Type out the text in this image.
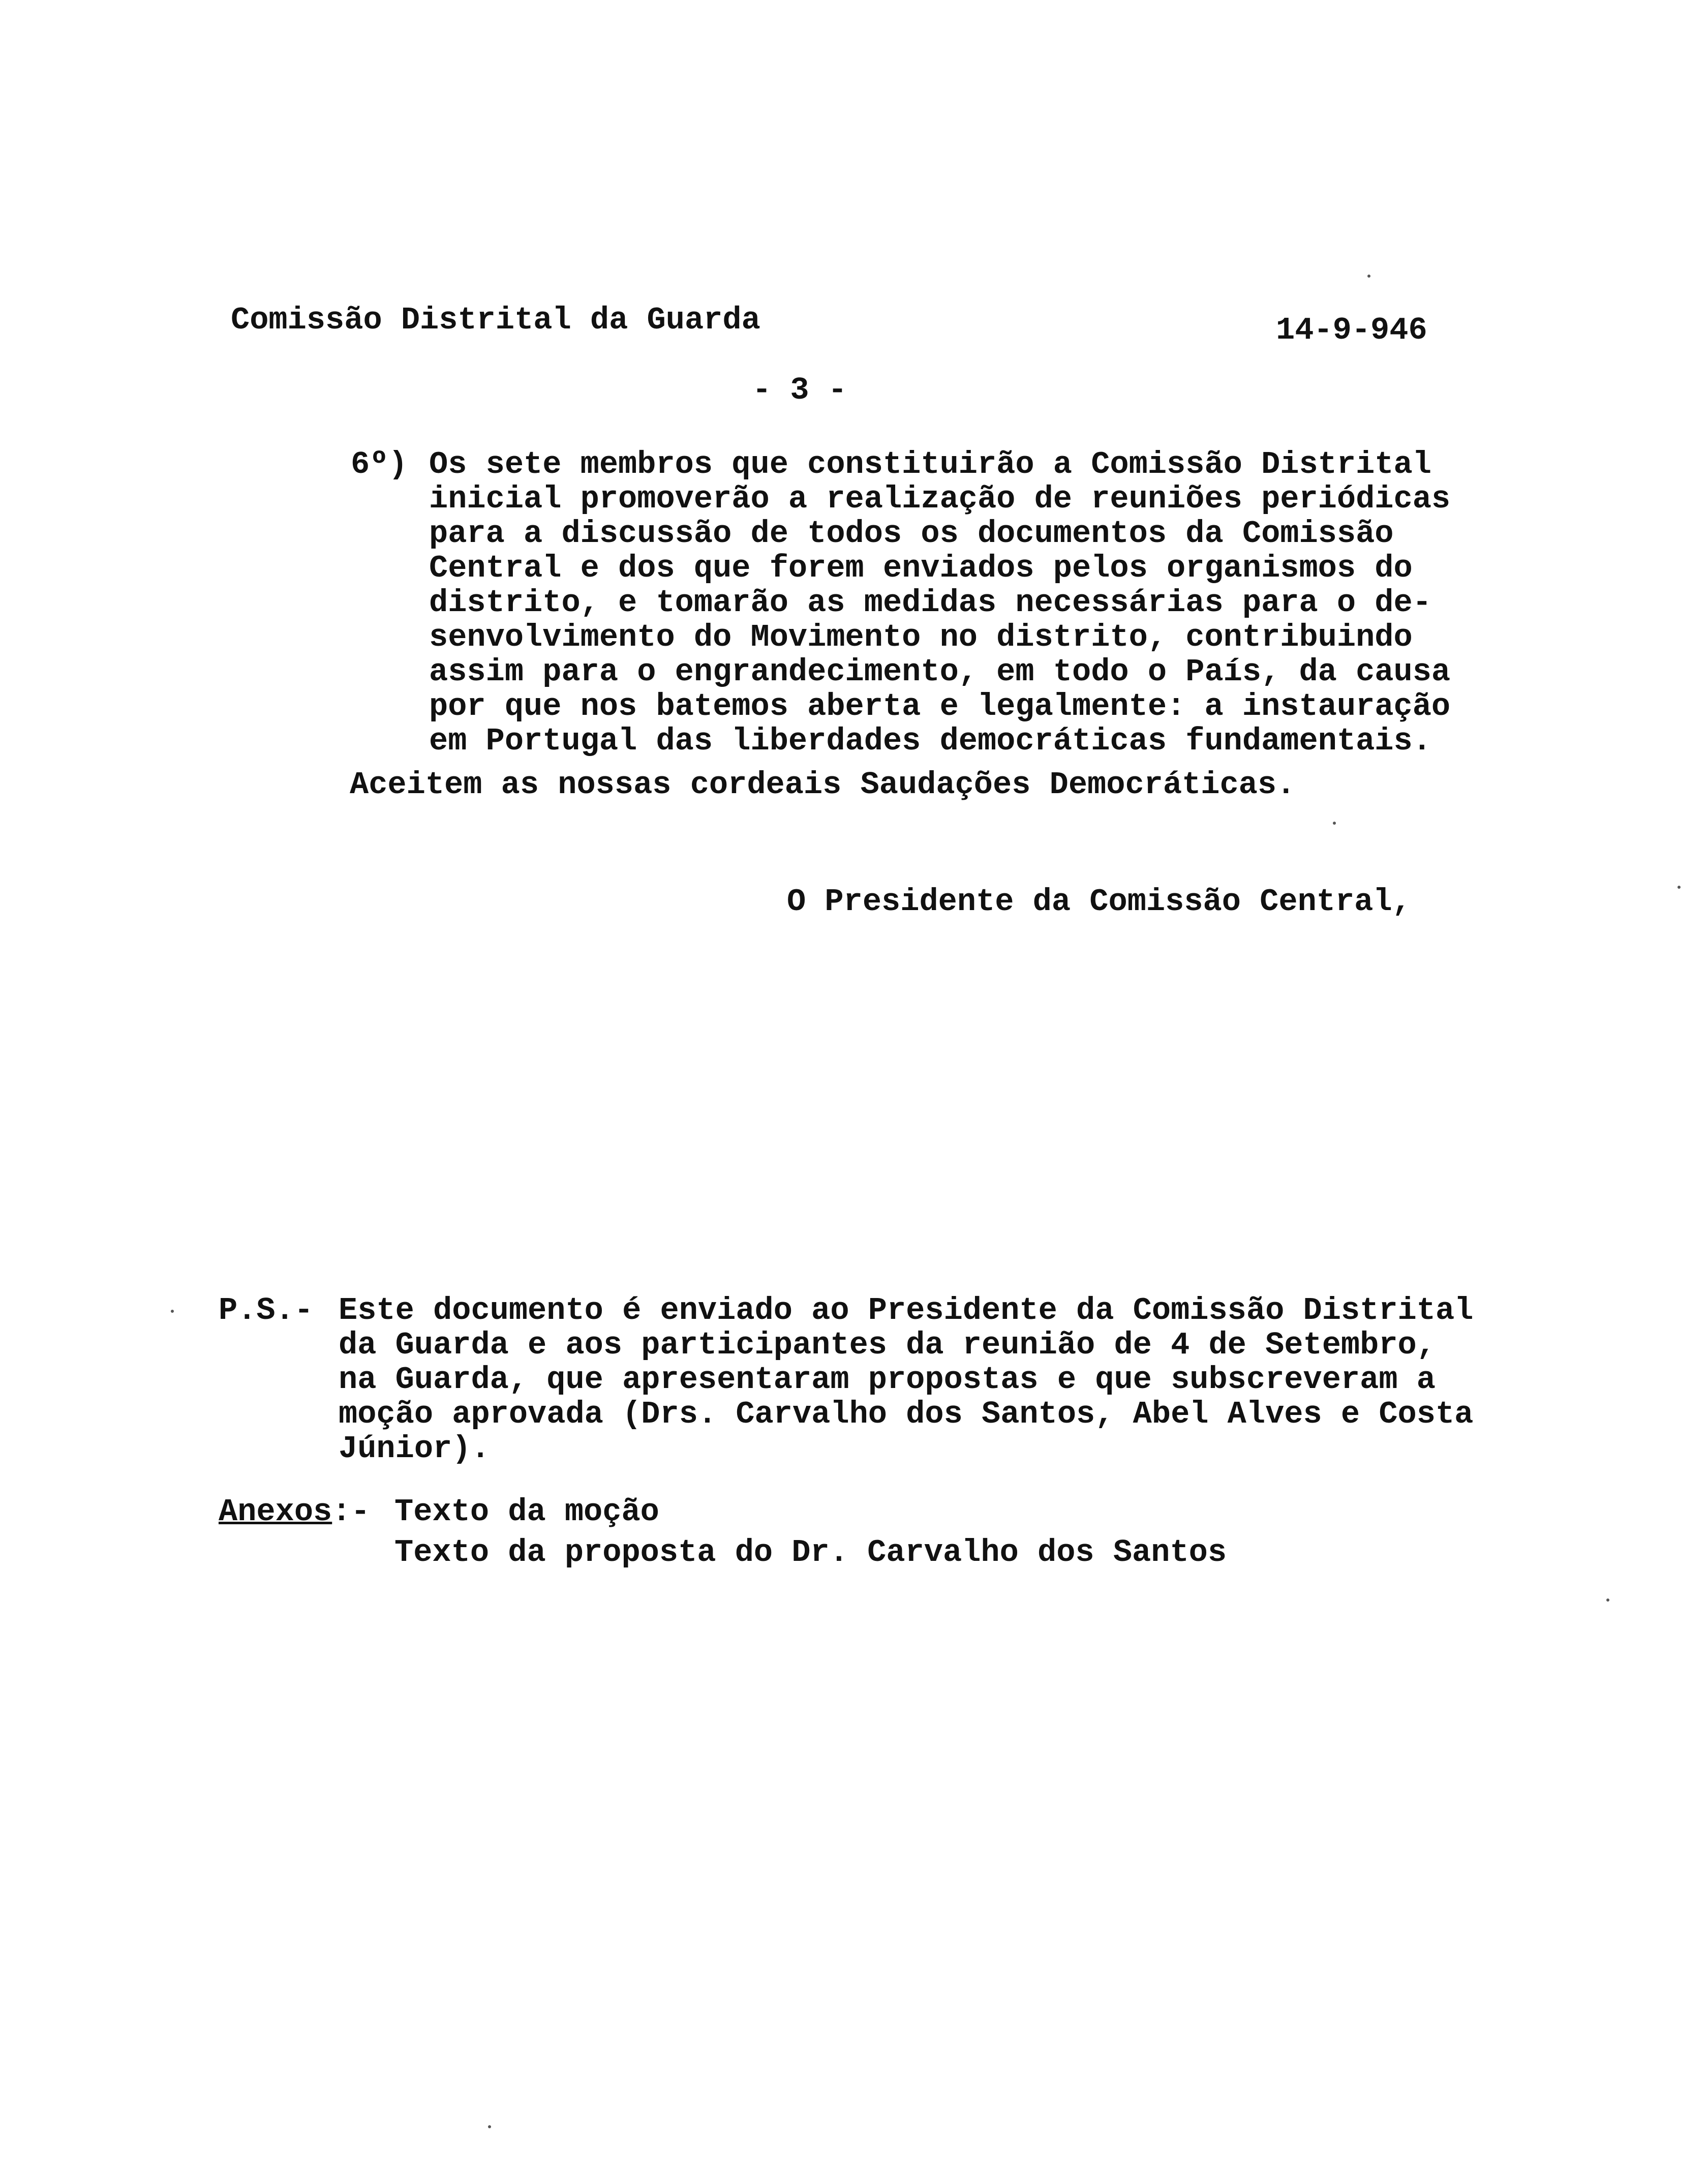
Comissão Distrital da Guarda	14-9-946
- 3 -
6º) Os sete membros que constituirão a Comissão Distrital
inicial promoverão a realização de reuniões periódicas
para a discussão de todos os documentos da Comissão
Central e dos que forem enviados pelos organismos do
distrito, e tomarão as medidas necessárias para o de-
senvolvimento do Movimento no distrito, contribuindo
assim para o engrandecimento, em todo o País, da causa
por que nos batemos aberta e legalmente: a instauração
em Portugal das liberdades democráticas fundamentais.
Aceitem as nossas cordeais Saudações Democráticas.
O Presidente da Comissão Central,
P.S.- Este documento é enviado ao Presidente da Comissão Distrital
da Guarda e aos participantes da reunião de 4 de Setembro,
na Guarda, que apresentaram propostas e que subscreveram a
moção aprovada (Drs. Carvalho dos Santos, Abel Alves e Costa
Júnior).
Anexos:- Texto da moção
Texto da proposta do Dr. Carvalho dos Santos
